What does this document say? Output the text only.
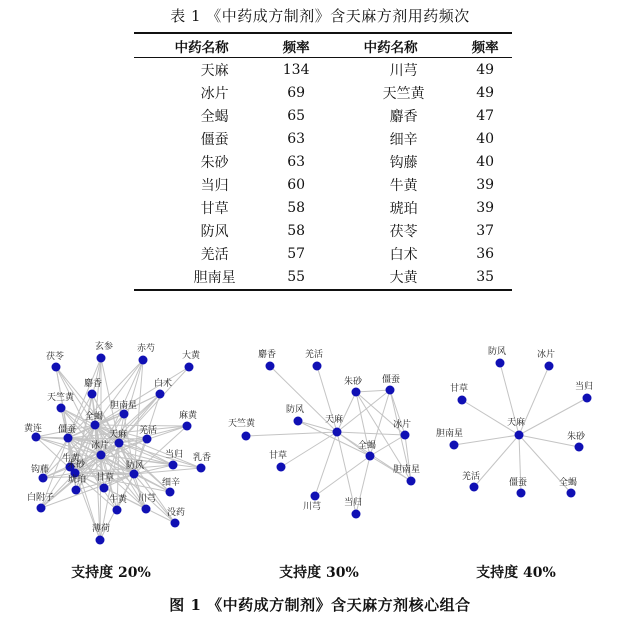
表 1 《中药成方制剂》含天麻方剂用药频次
中药名称	频率	中药名称	频率
天麻	134	川芎	49
冰片	69	天竺黄	49
全蝎	65	麝香	47
僵蚕	63	细辛	40
朱砂	63	钩藤	40
当归	60	牛黄	39
甘草	58	琥珀	39
防风	58	茯苓	37
羌活	57	白术	36
胆南星	55	大黄	35
茯苓
玄参	赤芍
大黄
麝香
天竺黄
胆南星
白术
全蝎
黄连 僵蚕	天麻 羌活
麻黄
冰片
牛黄
朱砂
当归 乳香
钩藤	防风
琥珀 甘草	细辛
白附子	川芎
没药
牛黄
薄荷
麝香	羌活
朱砂 僵蚕
天竺黄
防风
天麻	冰片
全蝎
甘草
胆南星
川芎	当归
防风	冰片
甘草	当归
天麻
胆南星	朱砂
羌活
僵蚕	全蝎
支持度 20%	支持度 30%	支持度 40%
图 1 《中药成方制剂》含天麻方剂核心组合
